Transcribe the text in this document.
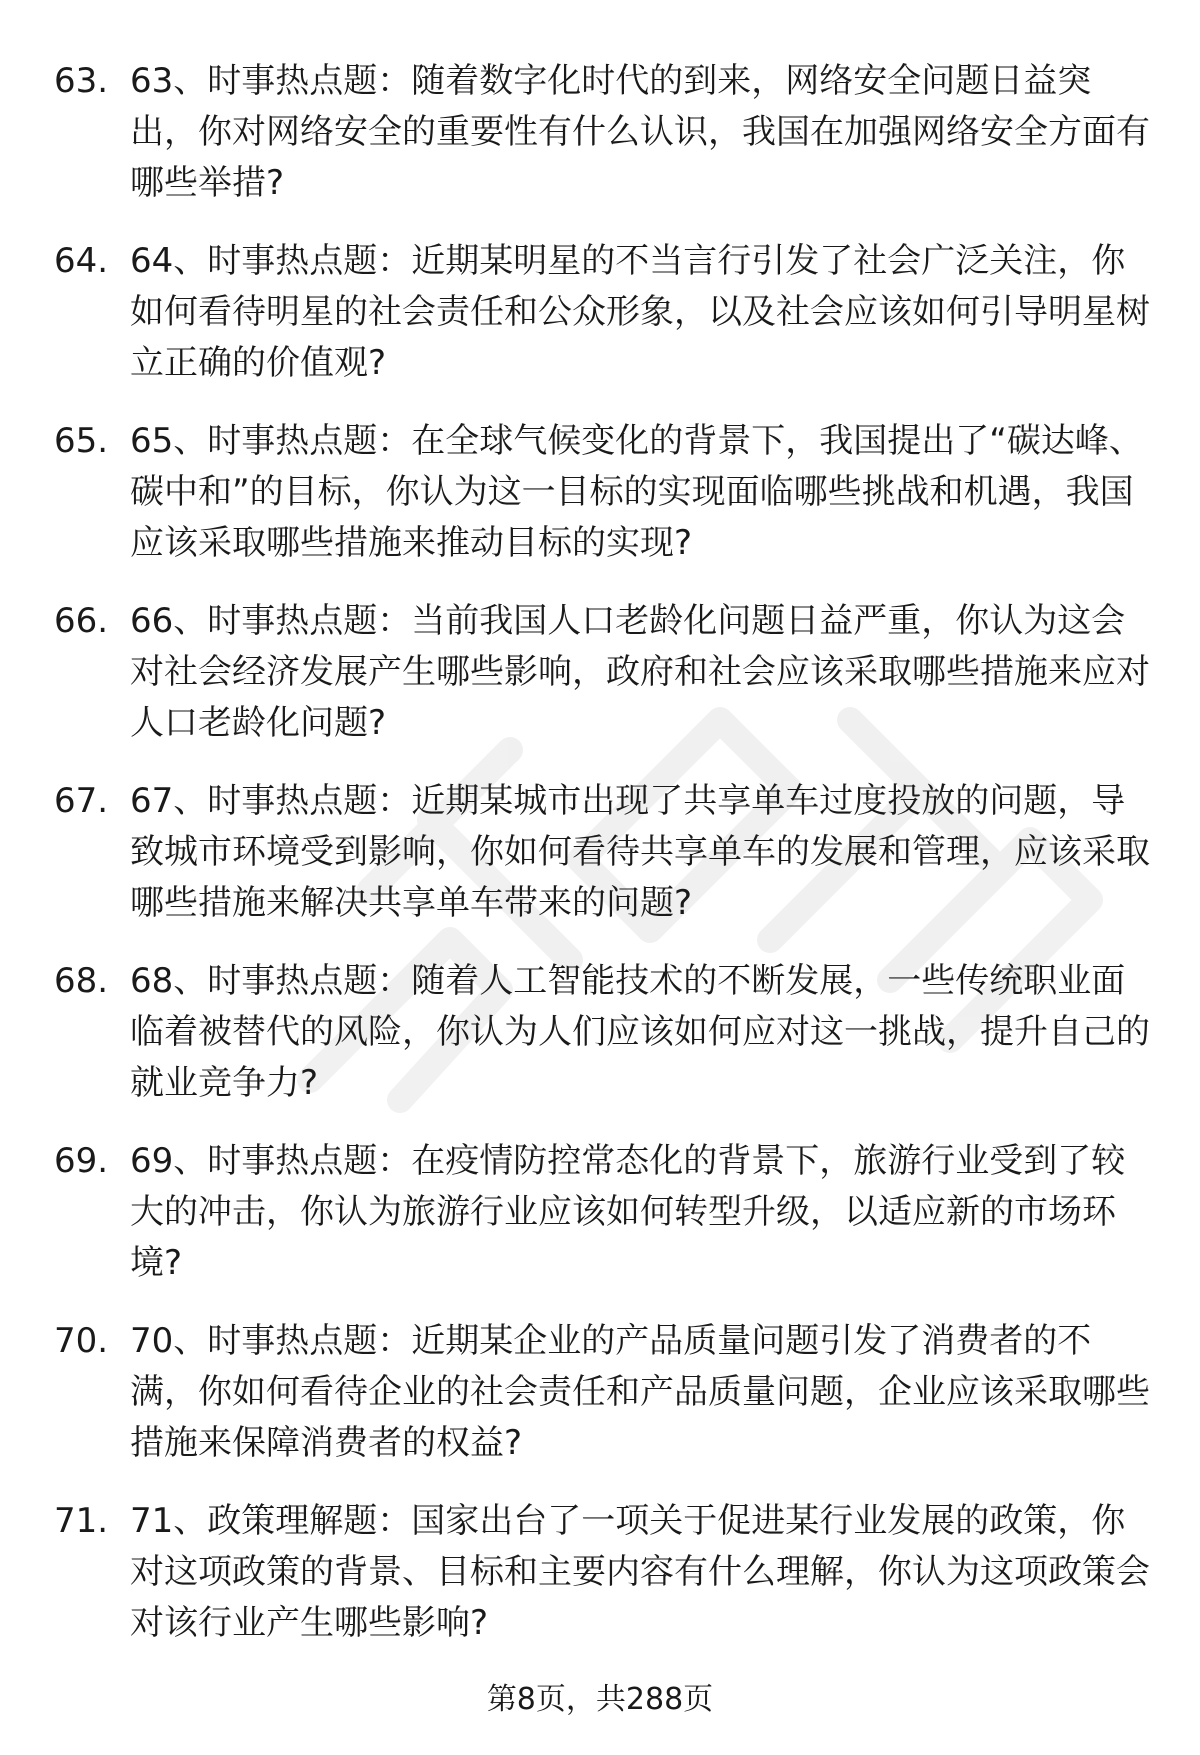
63. 63、时事热点题：随着数字化时代的到来，网络安全问题日益突出，你对网络安全的重要性有什么认识，我国在加强网络安全方面有哪些举措?
64. 64、时事热点题：近期某明星的不当言行引发了社会广泛关注，你如何看待明星的社会责任和公众形象，以及社会应该如何引导明星树立正确的价值观?
65. 65、时事热点题：在全球气候变化的背景下，我国提出了“碳达峰、碳中和”的目标，你认为这一目标的实现面临哪些挑战和机遇，我国应该采取哪些措施来推动目标的实现?
66. 66、时事热点题：当前我国人口老龄化问题日益严重，你认为这会对社会经济发展产生哪些影响，政府和社会应该采取哪些措施来应对人口老龄化问题?
67. 67、时事热点题：近期某城市出现了共享单车过度投放的问题，导致城市环境受到影响，你如何看待共享单车的发展和管理，应该采取哪些措施来解决共享单车带来的问题?
68. 68、时事热点题：随着人工智能技术的不断发展，一些传统职业面临着被替代的风险，你认为人们应该如何应对这一挑战，提升自己的就业竞争力?
69. 69、时事热点题：在疫情防控常态化的背景下，旅游行业受到了较大的冲击，你认为旅游行业应该如何转型升级，以适应新的市场环境?
70. 70、时事热点题：近期某企业的产品质量问题引发了消费者的不满，你如何看待企业的社会责任和产品质量问题，企业应该采取哪些措施来保障消费者的权益?
71. 71、政策理解题：国家出台了一项关于促进某行业发展的政策，你对这项政策的背景、目标和主要内容有什么理解，你认为这项政策会对该行业产生哪些影响?
第8页，共288页
